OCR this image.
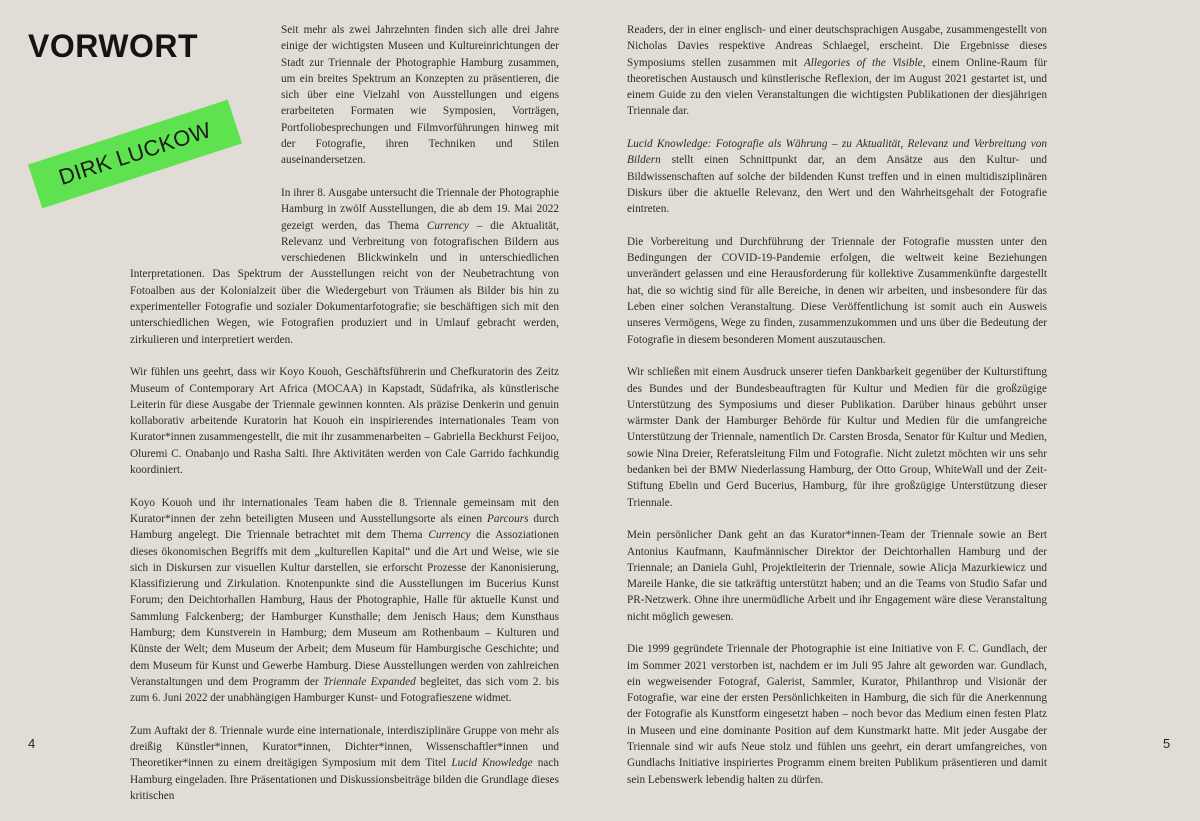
VORWORT
DIRK LUCKOW

Seit mehr als zwei Jahrzehnten finden sich alle drei Jahre einige der wichtigsten Museen und Kultureinrichtungen der Stadt zur Triennale der Photographie Hamburg zusammen, um ein breites Spektrum an Konzepten zu präsentieren, die sich über eine Vielzahl von Ausstellungen und eigens erarbeiteten Formaten wie Symposien, Vorträgen, Portfoliobesprechungen und Filmvorführungen hinweg mit der Fotografie, ihren Techniken und Stilen auseinandersetzen.

In ihrer 8. Ausgabe untersucht die Triennale der Photographie Hamburg in zwölf Ausstellungen, die ab dem 19. Mai 2022 gezeigt werden, das Thema Currency – die Aktualität, Relevanz und Verbreitung von fotografischen Bildern aus verschiedenen Blickwinkeln und in unterschiedlichen Interpretationen. Das Spektrum der Ausstellungen reicht von der Neubetrachtung von Fotoalben aus der Kolonialzeit über die Wiedergeburt von Träumen als Bilder bis hin zu experimenteller Fotografie und sozialer Dokumentarfotografie; sie beschäftigen sich mit den unterschiedlichen Wegen, wie Fotografien produziert und in Umlauf gebracht werden, zirkulieren und interpretiert werden.

Wir fühlen uns geehrt, dass wir Koyo Kouoh, Geschäftsführerin und Chefkuratorin des Zeitz Museum of Contemporary Art Africa (MOCAA) in Kapstadt, Südafrika, als künstlerische Leiterin für diese Ausgabe der Triennale gewinnen konnten. Als präzise Denkerin und genuin kollaborativ arbeitende Kuratorin hat Kouoh ein inspirierendes internationales Team von Kurator*innen zusammengestellt, die mit ihr zusammenarbeiten – Gabriella Beckhurst Feijoo, Oluremi C. Onabanjo und Rasha Salti. Ihre Aktivitäten werden von Cale Garrido fachkundig koordiniert.

Koyo Kouoh und ihr internationales Team haben die 8. Triennale gemeinsam mit den Kurator*innen der zehn beteiligten Museen und Ausstellungsorte als einen Parcours durch Hamburg angelegt. Die Triennale betrachtet mit dem Thema Currency die Assoziationen dieses ökonomischen Begriffs mit dem „kulturellen Kapital“ und die Art und Weise, wie sie sich in Diskursen zur visuellen Kultur darstellen, sie erforscht Prozesse der Kanonisierung, Klassifizierung und Zirkulation. Knotenpunkte sind die Ausstellungen im Bucerius Kunst Forum; den Deichtorhallen Hamburg, Haus der Photographie, Halle für aktuelle Kunst und Sammlung Falckenberg; der Hamburger Kunsthalle; dem Jenisch Haus; dem Kunsthaus Hamburg; dem Kunstverein in Hamburg; dem Museum am Rothenbaum – Kulturen und Künste der Welt; dem Museum der Arbeit; dem Museum für Hamburgische Geschichte; und dem Museum für Kunst und Gewerbe Hamburg. Diese Ausstellungen werden von zahlreichen Veranstaltungen und dem Programm der Triennale Expanded begleitet, das sich vom 2. bis zum 6. Juni 2022 der unabhängigen Hamburger Kunst- und Fotografieszene widmet.

Zum Auftakt der 8. Triennale wurde eine internationale, interdisziplinäre Gruppe von mehr als dreißig Künstler*innen, Kurator*innen, Dichter*innen, Wissenschaftler*innen und Theoretiker*innen zu einem dreitägigen Symposium mit dem Titel Lucid Knowledge nach Hamburg eingeladen. Ihre Präsentationen und Diskussionsbeiträge bilden die Grundlage dieses kritischen

Readers, der in einer englisch- und einer deutschsprachigen Ausgabe, zusammengestellt von Nicholas Davies respektive Andreas Schlaegel, erscheint. Die Ergebnisse dieses Symposiums stellen zusammen mit Allegories of the Visible, einem Online-Raum für theoretischen Austausch und künstlerische Reflexion, der im August 2021 gestartet ist, und einem Guide zu den vielen Veranstaltungen die wichtigsten Publikationen der diesjährigen Triennale dar.

Lucid Knowledge: Fotografie als Währung – zu Aktualität, Relevanz und Verbreitung von Bildern stellt einen Schnittpunkt dar, an dem Ansätze aus den Kultur- und Bildwissenschaften auf solche der bildenden Kunst treffen und in einen multidisziplinären Diskurs über die aktuelle Relevanz, den Wert und den Wahrheitsgehalt der Fotografie eintreten.

Die Vorbereitung und Durchführung der Triennale der Fotografie mussten unter den Bedingungen der COVID-19-Pandemie erfolgen, die weltweit keine Beziehungen unverändert gelassen und eine Herausforderung für kollektive Zusammenkünfte dargestellt hat, die so wichtig sind für alle Bereiche, in denen wir arbeiten, und insbesondere für das Leben einer solchen Veranstaltung. Diese Veröffentlichung ist somit auch ein Ausweis unseres Vermögens, Wege zu finden, zusammenzukommen und uns über die Bedeutung der Fotografie in diesem besonderen Moment auszutauschen.

Wir schließen mit einem Ausdruck unserer tiefen Dankbarkeit gegenüber der Kulturstiftung des Bundes und der Bundesbeauftragten für Kultur und Medien für die großzügige Unterstützung des Symposiums und dieser Publikation. Darüber hinaus gebührt unser wärmster Dank der Hamburger Behörde für Kultur und Medien für die umfangreiche Unterstützung der Triennale, namentlich Dr. Carsten Brosda, Senator für Kultur und Medien, sowie Nina Dreier, Referatsleitung Film und Fotografie. Nicht zuletzt möchten wir uns sehr bedanken bei der BMW Niederlassung Hamburg, der Otto Group, WhiteWall und der Zeit-Stiftung Ebelin und Gerd Bucerius, Hamburg, für ihre großzügige Unterstützung dieser Triennale.

Mein persönlicher Dank geht an das Kurator*innen-Team der Triennale sowie an Bert Antonius Kaufmann, Kaufmännischer Direktor der Deichtorhallen Hamburg und der Triennale; an Daniela Guhl, Projektleiterin der Triennale, sowie Alicja Mazurkiewicz und Mareile Hanke, die sie tatkräftig unterstützt haben; und an die Teams von Studio Safar und PR-Netzwerk. Ohne ihre unermüdliche Arbeit und ihr Engagement wäre diese Veranstaltung nicht möglich gewesen.

Die 1999 gegründete Triennale der Photographie ist eine Initiative von F. C. Gundlach, der im Sommer 2021 verstorben ist, nachdem er im Juli 95 Jahre alt geworden war. Gundlach, ein wegweisender Fotograf, Galerist, Sammler, Kurator, Philanthrop und Visionär der Fotografie, war eine der ersten Persönlichkeiten in Hamburg, die sich für die Anerkennung der Fotografie als Kunstform eingesetzt haben – noch bevor das Medium einen festen Platz in Museen und eine dominante Position auf dem Kunstmarkt hatte. Mit jeder Ausgabe der Triennale sind wir aufs Neue stolz und fühlen uns geehrt, ein derart umfangreiches, von Gundlachs Initiative inspiriertes Programm einem breiten Publikum präsentieren und damit sein Lebenswerk lebendig halten zu dürfen.

4	5
